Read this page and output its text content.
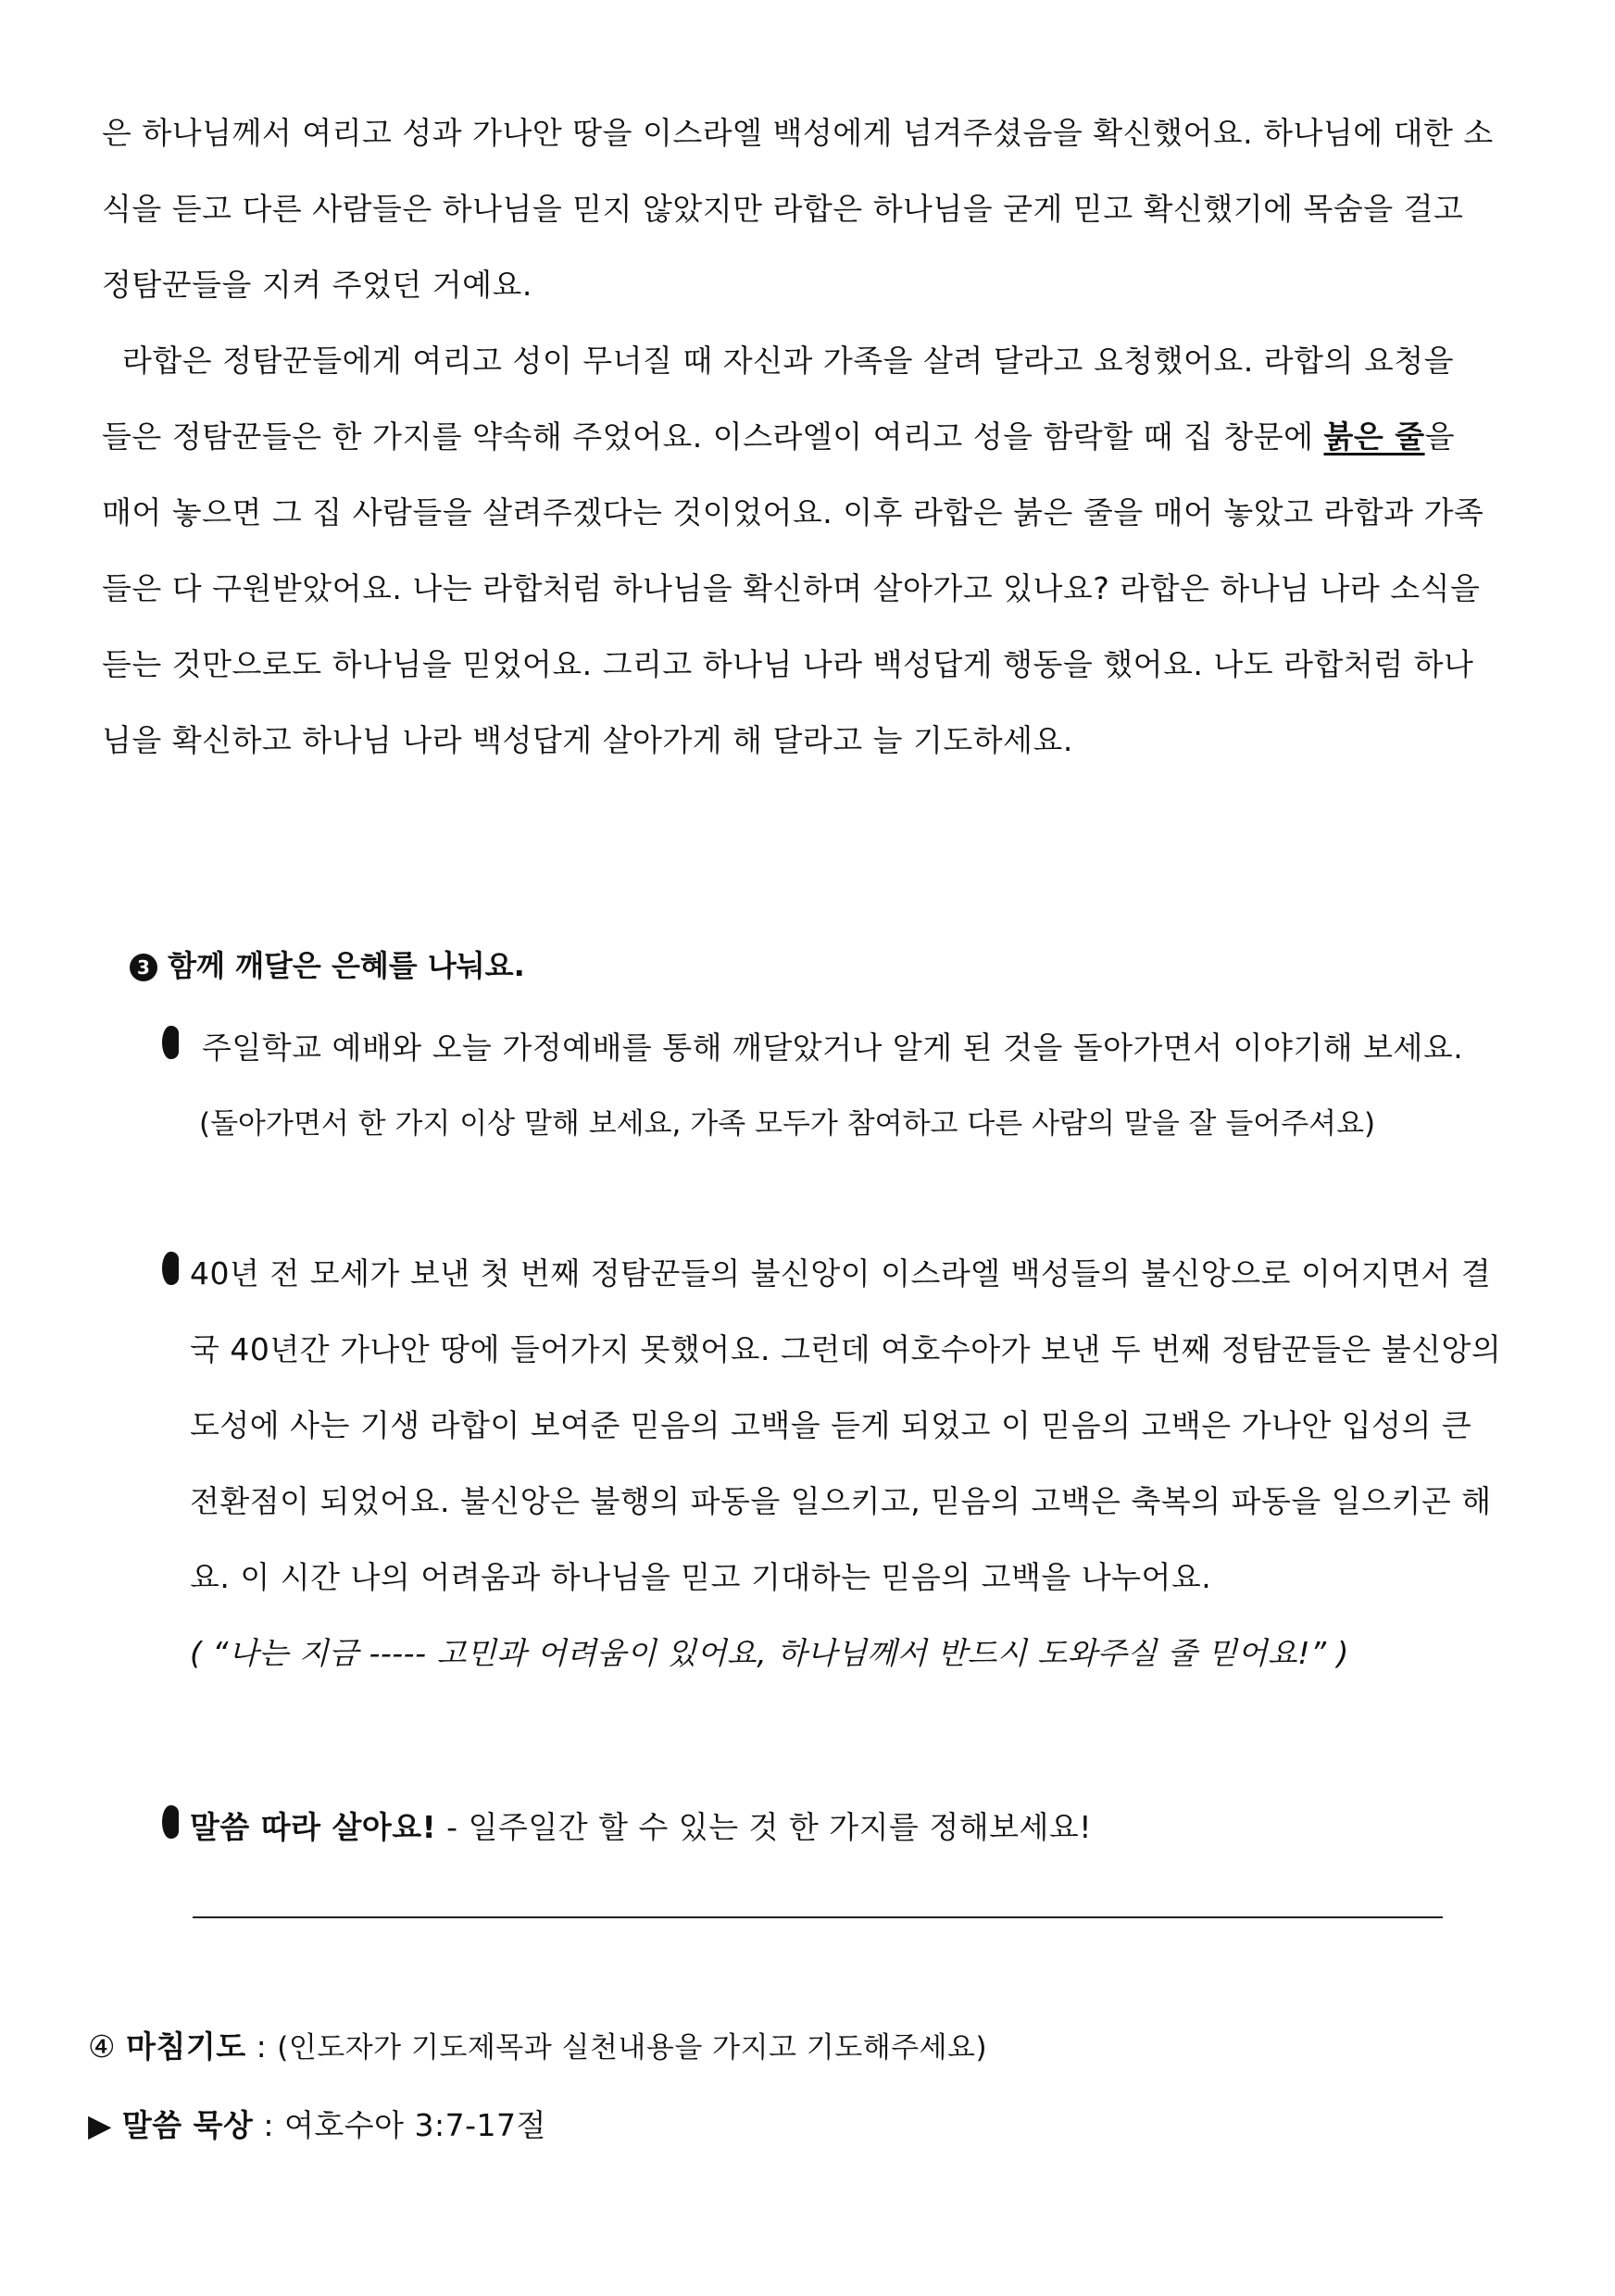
은 하나님께서 여리고 성과 가나안 땅을 이스라엘 백성에게 넘겨주셨음을 확신했어요. 하나님에 대한 소
식을 듣고 다른 사람들은 하나님을 믿지 않았지만 라합은 하나님을 굳게 믿고 확신했기에 목숨을 걸고
정탐꾼들을 지켜 주었던 거예요.
라합은 정탐꾼들에게 여리고 성이 무너질 때 자신과 가족을 살려 달라고 요청했어요. 라합의 요청을
들은 정탐꾼들은 한 가지를 약속해 주었어요. 이스라엘이 여리고 성을 함락할 때 집 창문에 붉은 줄을
매어 놓으면 그 집 사람들을 살려주겠다는 것이었어요. 이후 라합은 붉은 줄을 매어 놓았고 라합과 가족
들은 다 구원받았어요. 나는 라합처럼 하나님을 확신하며 살아가고 있나요? 라합은 하나님 나라 소식을
듣는 것만으로도 하나님을 믿었어요. 그리고 하나님 나라 백성답게 행동을 했어요. 나도 라합처럼 하나
님을 확신하고 하나님 나라 백성답게 살아가게 해 달라고 늘 기도하세요.
3 함께 깨달은 은혜를 나눠요.
주일학교 예배와 오늘 가정예배를 통해 깨달았거나 알게 된 것을 돌아가면서 이야기해 보세요.
(돌아가면서 한 가지 이상 말해 보세요, 가족 모두가 참여하고 다른 사람의 말을 잘 들어주셔요)
40년 전 모세가 보낸 첫 번째 정탐꾼들의 불신앙이 이스라엘 백성들의 불신앙으로 이어지면서 결
국 40년간 가나안 땅에 들어가지 못했어요. 그런데 여호수아가 보낸 두 번째 정탐꾼들은 불신앙의
도성에 사는 기생 라합이 보여준 믿음의 고백을 듣게 되었고 이 믿음의 고백은 가나안 입성의 큰
전환점이 되었어요. 불신앙은 불행의 파동을 일으키고, 믿음의 고백은 축복의 파동을 일으키곤 해
요. 이 시간 나의 어려움과 하나님을 믿고 기대하는 믿음의 고백을 나누어요.
( “나는 지금 ----- 고민과 어려움이 있어요, 하나님께서 반드시 도와주실 줄 믿어요!” )
말씀 따라 살아요! - 일주일간 할 수 있는 것 한 가지를 정해보세요!
④ 마침기도 : (인도자가 기도제목과 실천내용을 가지고 기도해주세요)
▶ 말씀 묵상 : 여호수아 3:7-17절
